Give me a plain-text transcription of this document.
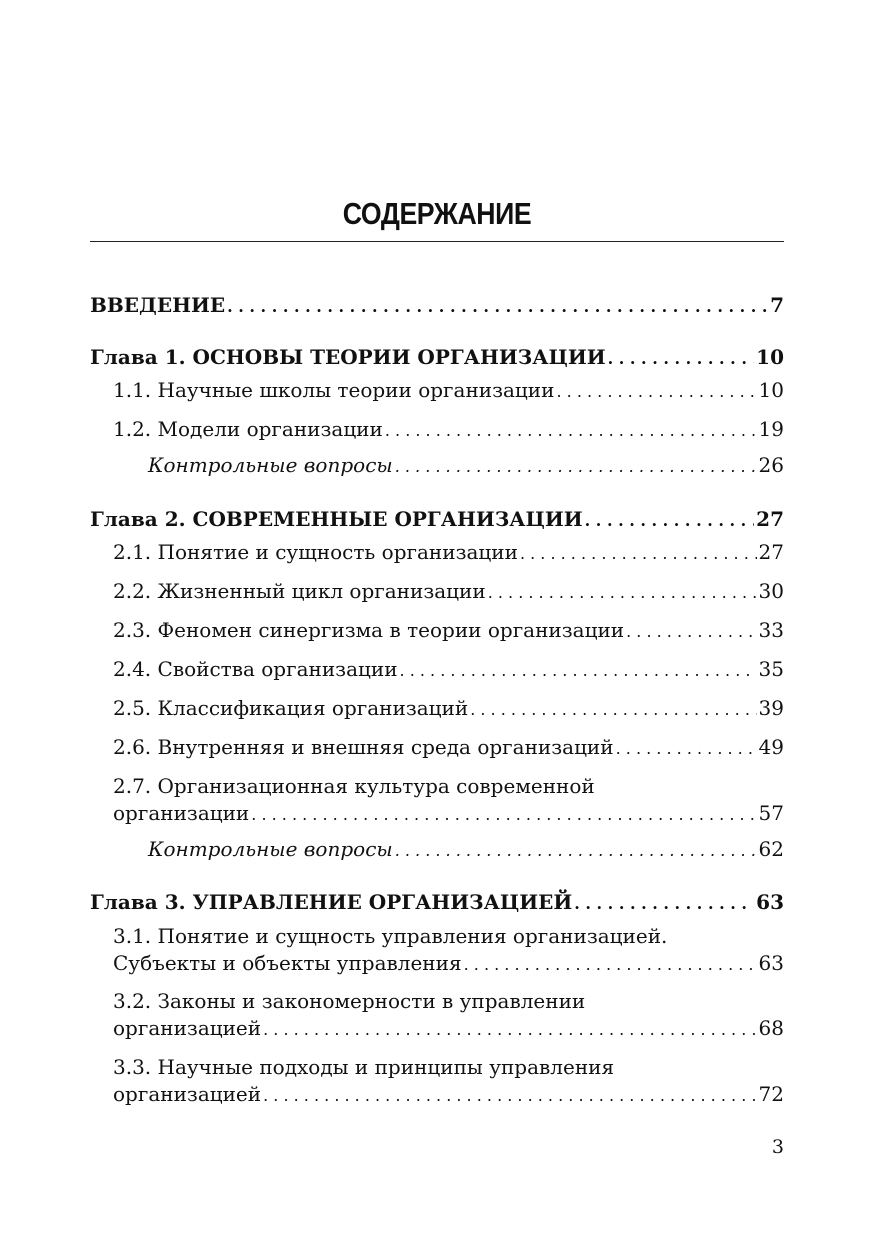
СОДЕРЖАНИЕ
ВВЕДЕНИЕ . . .	7
Глава 1. ОСНОВЫ ТЕОРИИ ОРГАНИЗАЦИИ . . .	10
1.1. Научные школы теории организации . . .	10
1.2. Модели организации . . .	19
Контрольные вопросы . . .	26
Глава 2. СОВРЕМЕННЫЕ ОРГАНИЗАЦИИ . . .	27
2.1. Понятие и сущность организации . . .	27
2.2. Жизненный цикл организации . . .	30
2.3. Феномен синергизма в теории организации . . .	33
2.4. Свойства организации . . .	35
2.5. Классификация организаций . . .	39
2.6. Внутренняя и внешняя среда организаций . . .	49
2.7. Организационная культура современной
организации . . .	57
Контрольные вопросы . . .	62
Глава 3. УПРАВЛЕНИЕ ОРГАНИЗАЦИЕЙ . . .	63
3.1. Понятие и сущность управления организацией.
Субъекты и объекты управления . . .	63
3.2. Законы и закономерности в управлении
организацией . . .	68
3.3. Научные подходы и принципы управления
организацией . . .	72
3
